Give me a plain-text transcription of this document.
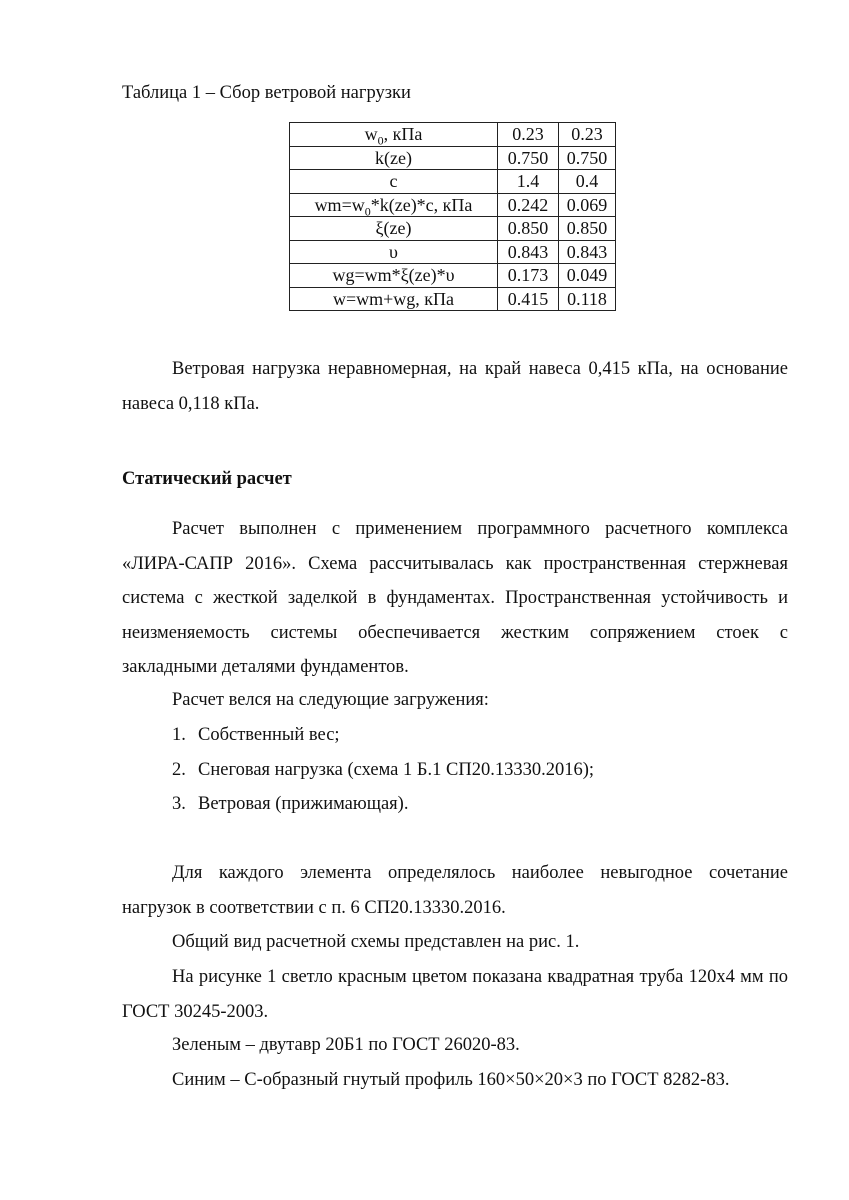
Таблица 1 – Сбор ветровой нагрузки
$w_0$, кПа	0.23	0.23
k(ze)	0.750	0.750
c	1.4	0.4
$wm=w_0*k(ze)*c$, кПа	0.242	0.069
ξ(ze)	0.850	0.850
υ	0.843	0.843
wg=wm*ξ(ze)*υ	0.173	0.049
w=wm+wg, кПа	0.415	0.118

Ветровая нагрузка неравномерная, на край навеса 0,415 кПа, на основание навеса 0,118 кПа.

Статический расчет

Расчет выполнен с применением программного расчетного комплекса «ЛИРА-САПР 2016». Схема рассчитывалась как пространственная стержневая система с жесткой заделкой в фундаментах. Пространственная устойчивость и неизменяемость системы обеспечивается жестким сопряжением стоек с закладными деталями фундаментов.

Расчет велся на следующие загружения:
1. Собственный вес;
2. Снеговая нагрузка (схема 1 Б.1 СП20.13330.2016);
3. Ветровая (прижимающая).

Для каждого элемента определялось наиболее невыгодное сочетание нагрузок в соответствии с п. 6 СП20.13330.2016.

Общий вид расчетной схемы представлен на рис. 1.

На рисунке 1 светло красным цветом показана квадратная труба 120х4 мм по ГОСТ 30245-2003.

Зеленым – двутавр 20Б1 по ГОСТ 26020-83.
Синим – С-образный гнутый профиль 160×50×20×3 по ГОСТ 8282-83.
